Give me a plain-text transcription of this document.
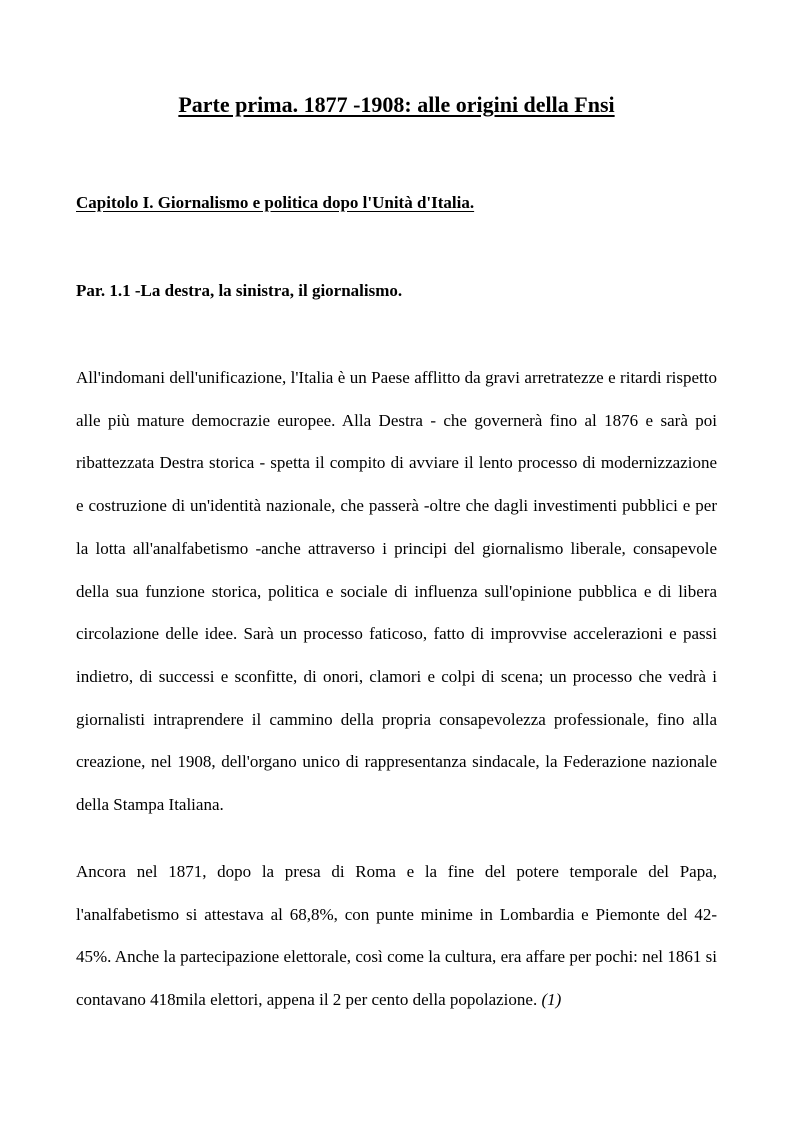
Parte prima. 1877 -1908: alle origini della Fnsi
Capitolo I. Giornalismo e politica dopo l'Unità d'Italia.
Par. 1.1 -La destra, la sinistra, il giornalismo.

All'indomani dell'unificazione, l'Italia è un Paese afflitto da gravi arretratezze e ritardi rispetto alle più mature democrazie europee. Alla Destra - che governerà fino al 1876 e sarà poi ribattezzata Destra storica - spetta il compito di avviare il lento processo di modernizzazione e costruzione di un'identità nazionale, che passerà -oltre che dagli investimenti pubblici e per la lotta all'analfabetismo -anche attraverso i principi del giornalismo liberale, consapevole della sua funzione storica, politica e sociale di influenza sull'opinione pubblica e di libera circolazione delle idee. Sarà un processo faticoso, fatto di improvvise accelerazioni e passi indietro, di successi e sconfitte, di onori, clamori e colpi di scena; un processo che vedrà i giornalisti intraprendere il cammino della propria consapevolezza professionale, fino alla creazione, nel 1908, dell'organo unico di rappresentanza sindacale, la Federazione nazionale della Stampa Italiana.

Ancora nel 1871, dopo la presa di Roma e la fine del potere temporale del Papa, l'analfabetismo si attestava al 68,8%, con punte minime in Lombardia e Piemonte del 42-45%. Anche la partecipazione elettorale, così come la cultura, era affare per pochi: nel 1861 si contavano 418mila elettori, appena il 2 per cento della popolazione. (1)
